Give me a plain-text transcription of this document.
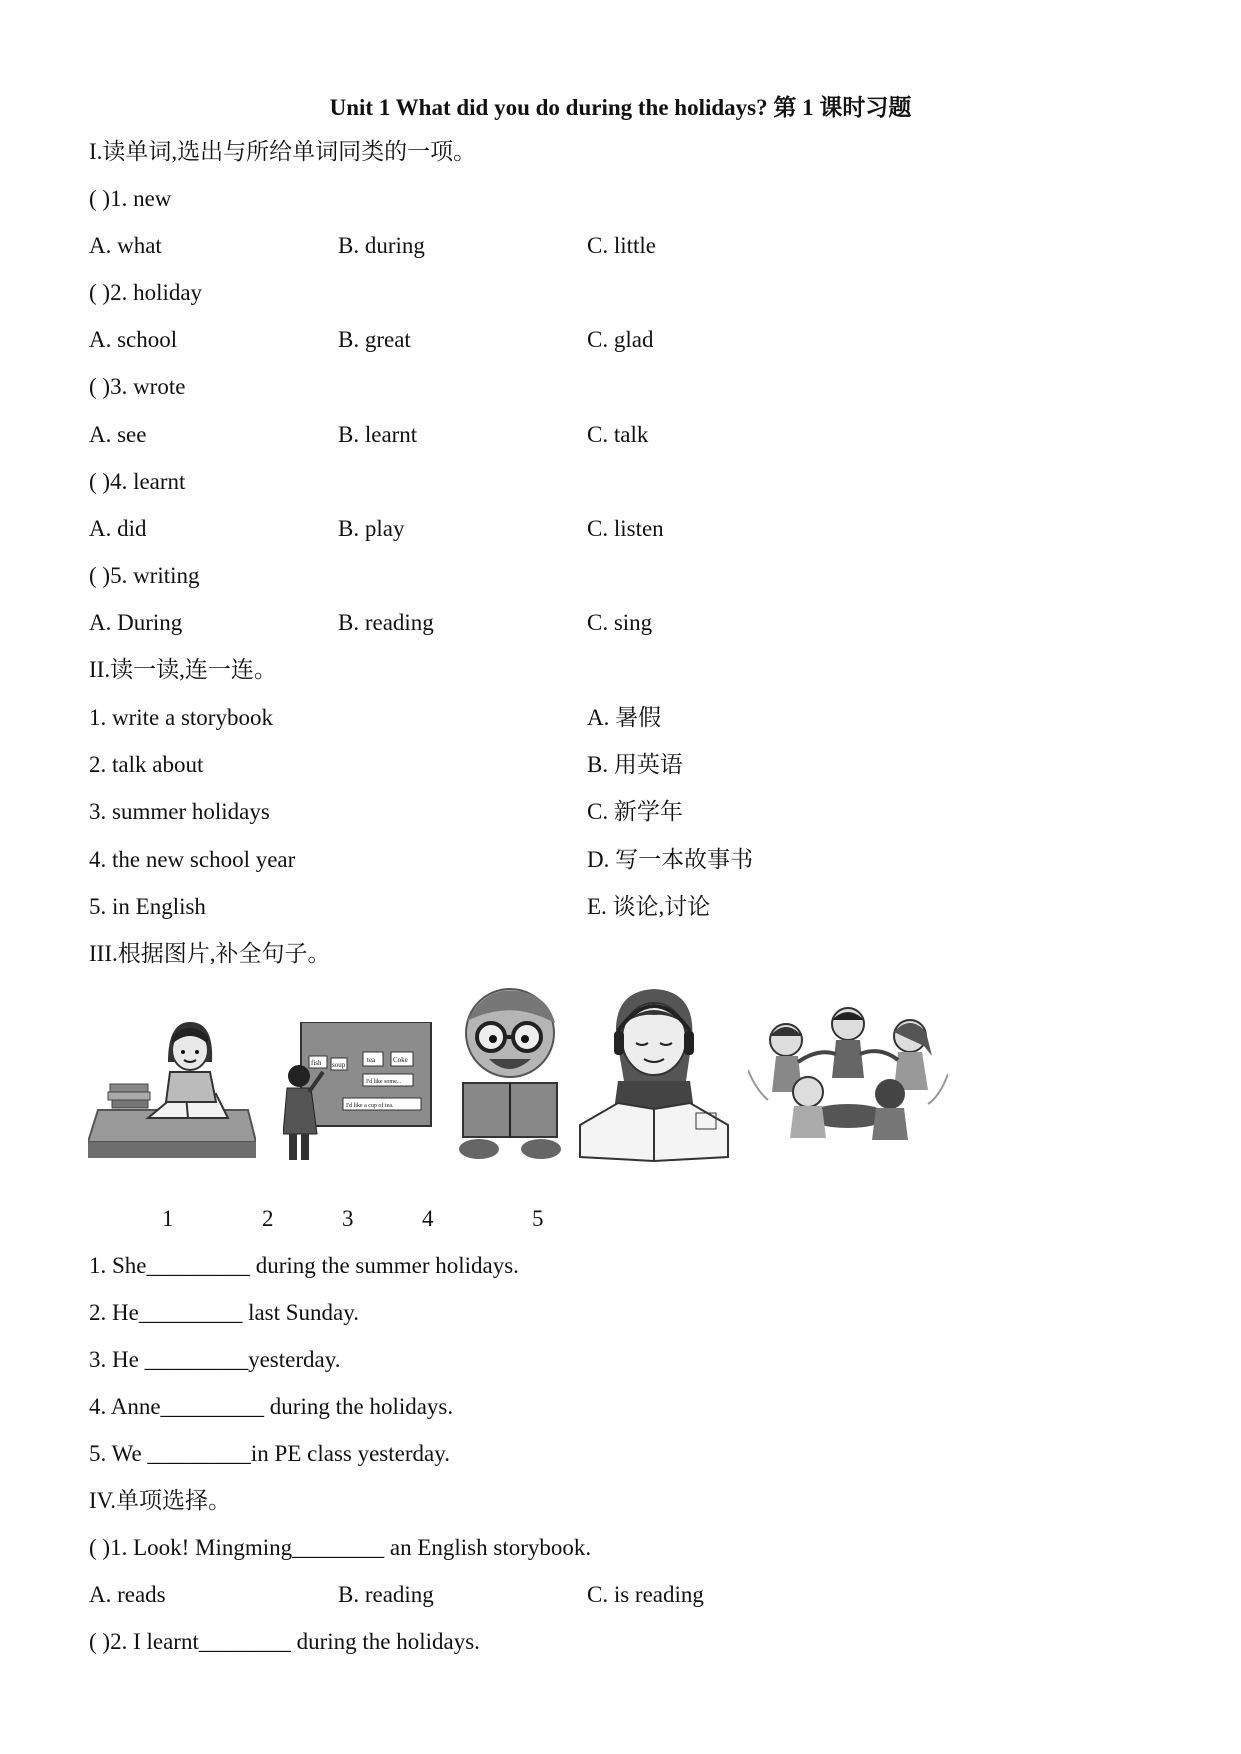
Unit 1 What did you do during the holidays? 第 1 课时习题
I.读单词,选出与所给单词同类的一项。
( )1. new
A. what	B. during	C. little
( )2. holiday
A. school	B. great	C. glad
( )3. wrote
A. see	B. learnt	C. talk
( )4. learnt
A. did	B. play	C. listen
( )5. writing
A. During	B. reading	C. sing
II.读一读,连一连。
1. write a storybook	A. 暑假
2. talk about	B. 用英语
3. summer holidays	C. 新学年
4. the new school year	D. 写一本故事书
5. in English	E. 谈论,讨论
III.根据图片,补全句子。
fish soup
tea	Coke
I'd like some...
I'd like a cup of tea.
1	2	3	4	5
1. She_________ during the summer holidays.
2. He_________ last Sunday.
3. He _________yesterday.
4. Anne_________ during the holidays.
5. We _________in PE class yesterday.
IV.单项选择。
( )1. Look! Mingming________ an English storybook.
A. reads	B. reading	C. is reading
( )2. I learnt________ during the holidays.
